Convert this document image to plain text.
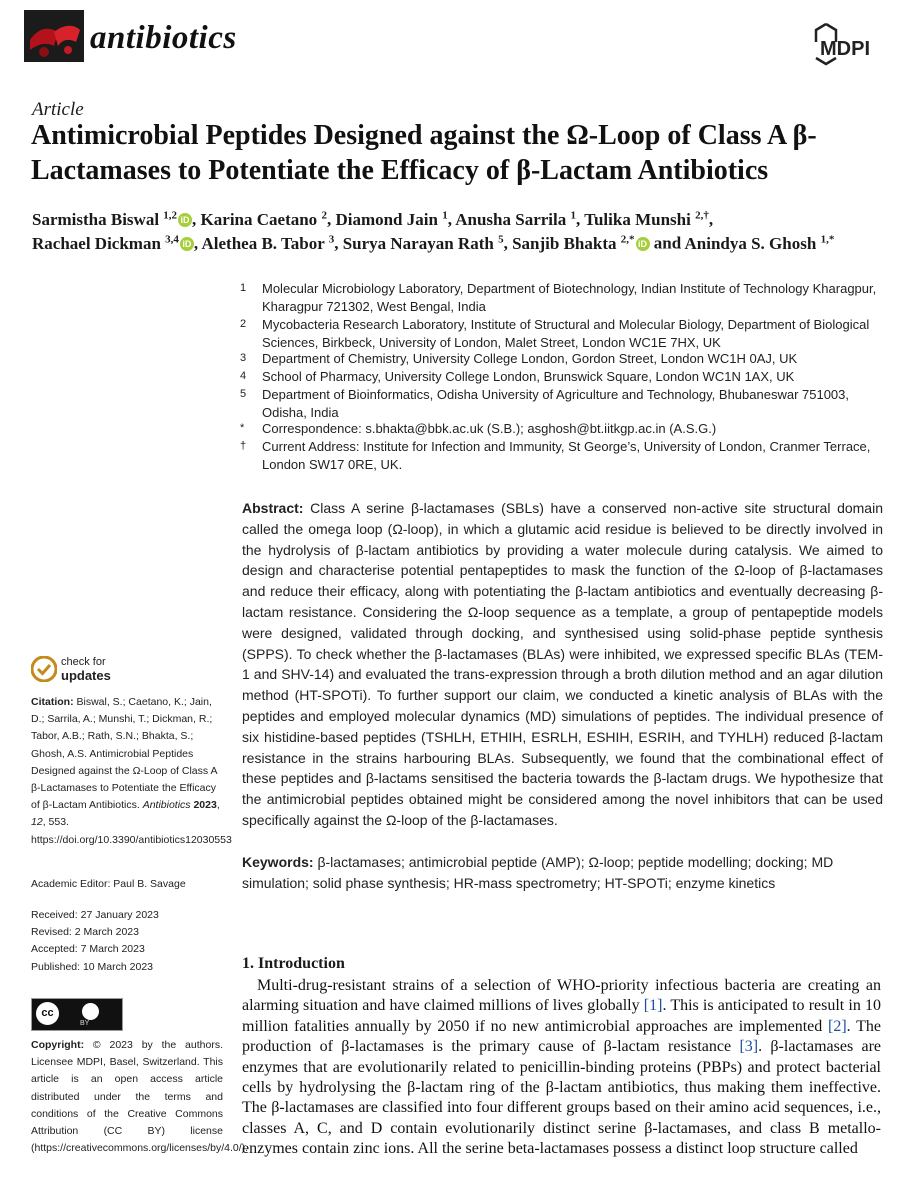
antibiotics	MDPI
Article
Antimicrobial Peptides Designed against the Ω-Loop of Class A β-Lactamases to Potentiate the Efficacy of β-Lactam Antibiotics
Sarmistha Biswal $^{1,2}$ iD , Karina Caetano $^2$, Diamond Jain $^1$, Anusha Sarrila $^1$, Tulika Munshi $^{2,\dagger}$,
Rachael Dickman $^{3,4}$ iD , Alethea B. Tabor $^3$, Surya Narayan Rath $^5$, Sanjib Bhakta $^{2,*}$ iD and Anindya S. Ghosh $^{1,*}$
1 Molecular Microbiology Laboratory, Department of Biotechnology, Indian Institute of Technology Kharagpur, Kharagpur 721302, West Bengal, India
2 Mycobacteria Research Laboratory, Institute of Structural and Molecular Biology, Department of Biological Sciences, Birkbeck, University of London, Malet Street, London WC1E 7HX, UK
3 Department of Chemistry, University College London, Gordon Street, London WC1H 0AJ, UK
4 School of Pharmacy, University College London, Brunswick Square, London WC1N 1AX, UK
5 Department of Bioinformatics, Odisha University of Agriculture and Technology, Bhubaneswar 751003, Odisha, India
* Correspondence: s.bhakta@bbk.ac.uk (S.B.); asghosh@bt.iitkgp.ac.in (A.S.G.)
† Current Address: Institute for Infection and Immunity, St George’s, University of London, Cranmer Terrace, London SW17 0RE, UK.
Abstract: Class A serine β-lactamases (SBLs) have a conserved non-active site structural domain called the omega loop (Ω-loop), in which a glutamic acid residue is believed to be directly involved in the hydrolysis of β-lactam antibiotics by providing a water molecule during catalysis. We aimed to design and characterise potential pentapeptides to mask the function of the Ω-loop of β-lactamases and reduce their efficacy, along with potentiating the β-lactam antibiotics and eventually decreasing β-lactam resistance. Considering the Ω-loop sequence as a template, a group of pentapeptide models were designed, validated through docking, and synthesised using solid-phase peptide synthesis (SPPS). To check whether the β-lactamases (BLAs) were inhibited, we expressed specific BLAs (TEM-1 and SHV-14) and evaluated the trans-expression through a broth dilution method and an agar dilution method (HT-SPOTi). To further support our claim, we conducted a kinetic analysis of BLAs with the peptides and employed molecular dynamics (MD) simulations of peptides. The individual presence of six histidine-based peptides (TSHLH, ETHIH, ESRLH, ESHIH, ESRIH, and TYHLH) reduced β-lactam resistance in the strains harbouring BLAs. Subsequently, we found that the combinational effect of these peptides and β-lactams sensitised the bacteria towards the β-lactam drugs. We hypothesize that the antimicrobial peptides obtained might be considered among the novel inhibitors that can be used specifically against the Ω-loop of the β-lactamases.
Keywords: β-lactamases; antimicrobial peptide (AMP); Ω-loop; peptide modelling; docking; MD simulation; solid phase synthesis; HR-mass spectrometry; HT-SPOTi; enzyme kinetics
check for
updates
Citation: Biswal, S.; Caetano, K.; Jain, D.; Sarrila, A.; Munshi, T.; Dickman, R.; Tabor, A.B.; Rath, S.N.; Bhakta, S.; Ghosh, A.S. Antimicrobial Peptides Designed against the Ω-Loop of Class A β-Lactamases to Potentiate the Efficacy of β-Lactam Antibiotics. Antibiotics 2023, 12, 553. https://doi.org/10.3390/antibiotics12030553
Academic Editor: Paul B. Savage
Received: 27 January 2023
Revised: 2 March 2023
Accepted: 7 March 2023
Published: 10 March 2023
cc
BY
Copyright: © 2023 by the authors. Licensee MDPI, Basel, Switzerland. This article is an open access article distributed under the terms and conditions of the Creative Commons Attribution (CC BY) license (https://creativecommons.org/licenses/by/4.0/).
1. Introduction
Multi-drug-resistant strains of a selection of WHO-priority infectious bacteria are creating an alarming situation and have claimed millions of lives globally [1]. This is anticipated to result in 10 million fatalities annually by 2050 if no new antimicrobial approaches are implemented [2]. The production of β-lactamases is the primary cause of β-lactam resistance [3]. β-lactamases are enzymes that are evolutionarily related to penicillin-binding proteins (PBPs) and protect bacterial cells by hydrolysing the β-lactam ring of the β-lactam antibiotics, thus making them ineffective. The β-lactamases are classified into four different groups based on their amino acid sequences, i.e., classes A, C, and D contain evolutionarily distinct serine β-lactamases, and class B metallo-enzymes contain zinc ions. All the serine beta-lactamases possess a distinct loop structure called
